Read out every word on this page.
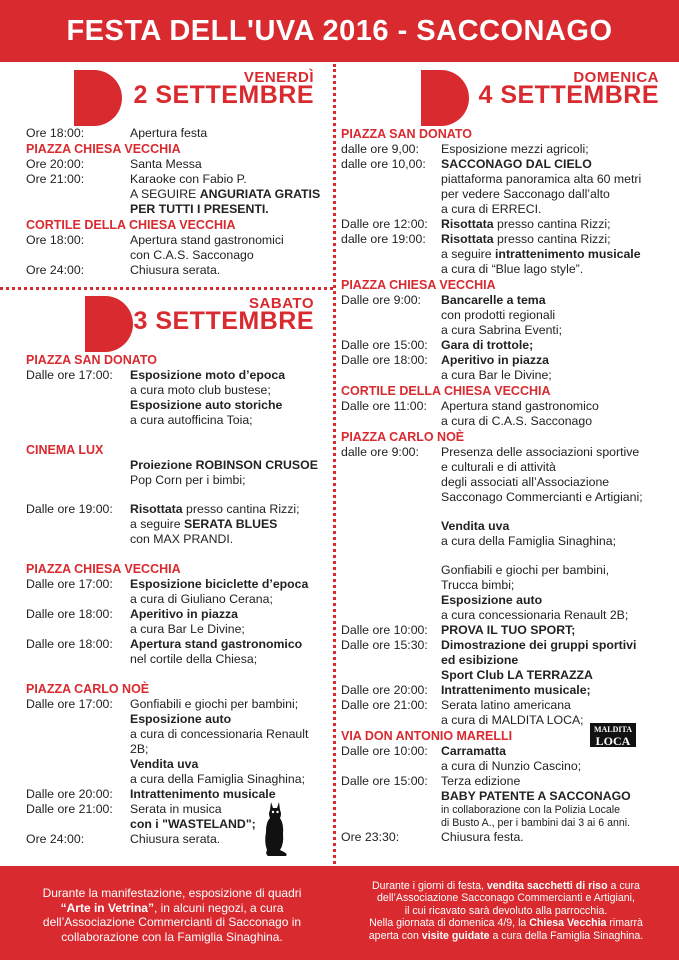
FESTA DELL'UVA 2016 - SACCONAGO
VENERDÌ
2 SETTEMBRE
Ore 18:00:	Apertura festa
PIAZZA CHIESA VECCHIA
Ore 20:00:	Santa Messa
Ore 21:00:	Karaoke con Fabio P.
A SEGUIRE ANGURIATA GRATIS
PER TUTTI I PRESENTI.
CORTILE DELLA CHIESA VECCHIA
Ore 18:00:	Apertura stand gastronomici
con C.A.S. Sacconago
Ore 24:00:	Chiusura serata.
SABATO
3 SETTEMBRE
PIAZZA SAN DONATO
Dalle ore 17:00:	Esposizione moto d’epoca
a cura moto club bustese;
Esposizione auto storiche
a cura autofficina Toia;
CINEMA LUX
Proiezione ROBINSON CRUSOE
Pop Corn per i bimbi;
Dalle ore 19:00:	Risottata presso cantina Rizzi;
a seguire SERATA BLUES
con MAX PRANDI.
PIAZZA CHIESA VECCHIA
Dalle ore 17:00:	Esposizione biciclette d’epoca
a cura di Giuliano Cerana;
Dalle ore 18:00:	Aperitivo in piazza
a cura Bar Le Divine;
Dalle ore 18:00:	Apertura stand gastronomico
nel cortile della Chiesa;
PIAZZA CARLO NOÈ
Dalle ore 17:00:	Gonfiabili e giochi per bambini;
Esposizione auto
a cura di concessionaria Renault 2B;
Vendita uva
a cura della Famiglia Sinaghina;
Dalle ore 20:00:	Intrattenimento musicale
Dalle ore 21:00:	Serata in musica
con i "WASTELAND";
Ore 24:00:	Chiusura serata.
DOMENICA
4 SETTEMBRE
PIAZZA SAN DONATO
dalle ore 9,00:	Esposizione mezzi agricoli;
dalle ore 10,00:	SACCONAGO DAL CIELO
piattaforma panoramica alta 60 metri
per vedere Sacconago dall’alto
a cura di ERRECI.
Dalle ore 12:00:	Risottata presso cantina Rizzi;
dalle ore 19:00:	Risottata presso cantina Rizzi;
a seguire intrattenimento musicale
a cura di “Blue lago style”.
PIAZZA CHIESA VECCHIA
Dalle ore 9:00:	Bancarelle a tema
con prodotti regionali
a cura Sabrina Eventi;
Dalle ore 15:00:	Gara di trottole;
Dalle ore 18:00:	Aperitivo in piazza
a cura Bar le Divine;
CORTILE DELLA CHIESA VECCHIA
Dalle ore 11:00:	Apertura stand gastronomico
a cura di C.A.S. Sacconago
PIAZZA CARLO NOÈ
dalle ore 9:00:	Presenza delle associazioni sportive
e culturali e di attività
degli associati all’Associazione
Sacconago Commercianti e Artigiani;
Vendita uva
a cura della Famiglia Sinaghina;
Gonfiabili e giochi per bambini,
Trucca bimbi;
Esposizione auto
a cura concessionaria Renault 2B;
Dalle ore 10:00:	PROVA IL TUO SPORT;
Dalle ore 15:30:	Dimostrazione dei gruppi sportivi
ed esibizione
Sport Club LA TERRAZZA
Dalle ore 20:00:	Intrattenimento musicale;
Dalle ore 21:00:	Serata latino americana
a cura di MALDITA LOCA;
VIA DON ANTONIO MARELLI
Dalle ore 10:00:	Carramatta
a cura di Nunzio Cascino;
Dalle ore 15:00:	Terza edizione
BABY PATENTE A SACCONAGO
in collaborazione con la Polizia Locale
di Busto A., per i bambini dai 3 ai 6 anni.
Ore 23:30:	Chiusura festa.
MALDITA
LOCA
Durante la manifestazione, esposizione di quadri
“Arte in Vetrina”, in alcuni negozi, a cura
dell’Associazione Commercianti di Sacconago in
collaborazione con la Famiglia Sinaghina.
Durante i giorni di festa, vendita sacchetti di riso a cura
dell’Associazione Sacconago Commercianti e Artigiani,
il cui ricavato sarà devoluto alla parrocchia.
Nella giornata di domenica 4/9, la Chiesa Vecchia rimarrà
aperta con visite guidate a cura della Famiglia Sinaghina.
